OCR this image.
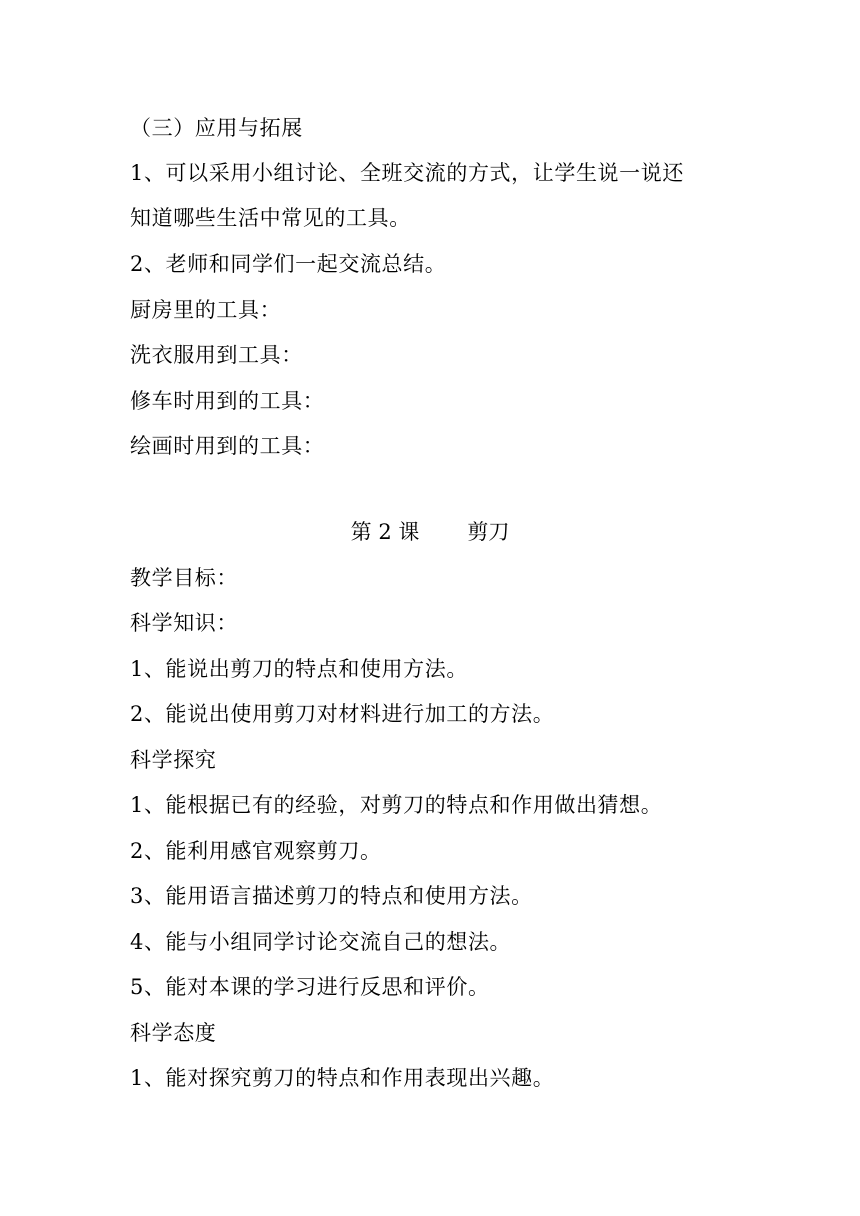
（三）应用与拓展
1、可以采用小组讨论、全班交流的方式，让学生说一说还
知道哪些生活中常见的工具。
2、老师和同学们一起交流总结。
厨房里的工具：
洗衣服用到工具：
修车时用到的工具：
绘画时用到的工具：
第 2 课 剪刀
教学目标：
科学知识：
1、能说出剪刀的特点和使用方法。
2、能说出使用剪刀对材料进行加工的方法。
科学探究
1、能根据已有的经验，对剪刀的特点和作用做出猜想。
2、能利用感官观察剪刀。
3、能用语言描述剪刀的特点和使用方法。
4、能与小组同学讨论交流自己的想法。
5、能对本课的学习进行反思和评价。
科学态度
1、能对探究剪刀的特点和作用表现出兴趣。
